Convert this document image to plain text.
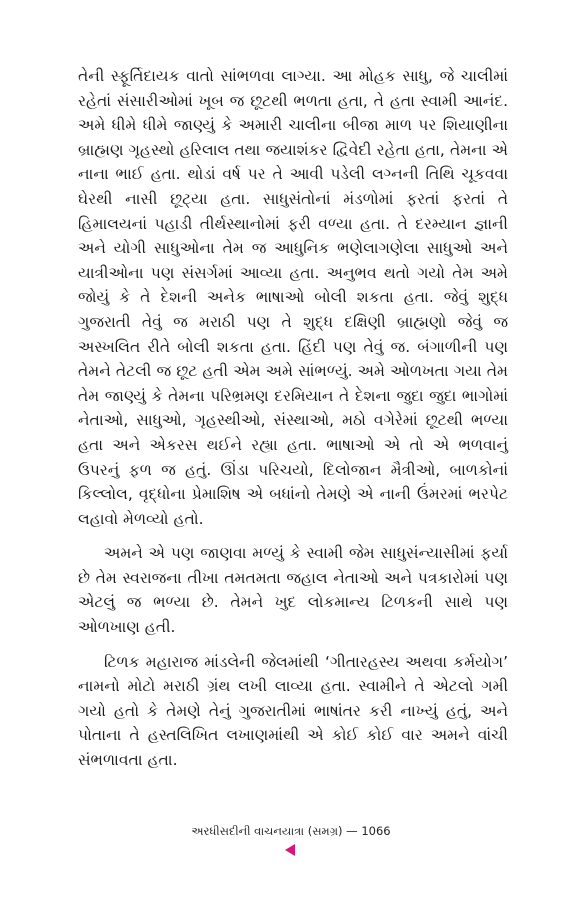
તેની સ્ફૂર્તિદાયક વાતો સાંભળવા લાગ્યા. આ મોહક સાધુ, જે ચાલીમાં રહેતાં સંસારીઓમાં ખૂબ જ છૂટથી ભળતા હતા, તે હતા સ્વામી આનંદ. અમે ધીમે ધીમે જાણ્યું કે અમારી ચાલીના બીજા માળ પર શિયાણીના બ્રાહ્મણ ગૃહસ્થો હરિલાલ તથા જયાશંકર દ્વિવેદી રહેતા હતા, તેમના એ નાના ભાઈ હતા. થોડાં વર્ષ પર તે આવી પડેલી લગ્નની તિથિ ચૂકવવા ઘેરથી નાસી છૂટ્યા હતા. સાધુસંતોનાં મંડળોમાં ફરતાં ફરતાં તે હિમાલયનાં પહાડી તીર્થસ્થાનોમાં ફરી વળ્યા હતા. તે દરમ્યાન જ્ઞાની અને યોગી સાધુઓના તેમ જ આધુનિક ભણેલાગણેલા સાધુઓ અને યાત્રીઓના પણ સંસર્ગમાં આવ્યા હતા. અનુભવ થતો ગયો તેમ અમે જોયું કે તે દેશની અનેક ભાષાઓ બોલી શકતા હતા. જેવું શુદ્ધ ગુજરાતી તેવું જ મરાઠી પણ તે શુદ્ધ દક્ષિણી બ્રાહ્મણો જેવું જ અસ્ખલિત રીતે બોલી શકતા હતા. હિંદી પણ તેવું જ. બંગાળીની પણ તેમને તેટલી જ છૂટ હતી એમ અમે સાંભળ્યું. અમે ઓળખતા ગયા તેમ તેમ જાણ્યું કે તેમના પરિભ્રમણ દરમિયાન તે દેશના જુદા જુદા ભાગોમાં નેતાઓ, સાધુઓ, ગૃહસ્થીઓ, સંસ્થાઓ, મઠો વગેરેમાં છૂટથી ભળ્યા હતા અને એકરસ થઈને રહ્યા હતા. ભાષાઓ એ તો એ ભળવાનું ઉપરનું ફળ જ હતું. ઊંડા પરિચયો, દિલોજાન મૈત્રીઓ, બાળકોનાં કિલ્લોલ, વૃદ્ધોના પ્રેમાશિષ એ બધાંનો તેમણે એ નાની ઉંમરમાં ભરપેટ લહાવો મેળવ્યો હતો.

અમને એ પણ જાણવા મળ્યું કે સ્વામી જેમ સાધુસંન્યાસીમાં ફર્યા છે તેમ સ્વરાજના તીખા તમતમતા જહાલ નેતાઓ અને પત્રકારોમાં પણ એટલું જ ભળ્યા છે. તેમને ખુદ લોકમાન્ય ટિળકની સાથે પણ ઓળખાણ હતી.

ટિળક મહારાજ માંડલેની જેલમાંથી ‘ગીતારહસ્ય અથવા કર્મયોગ’ નામનો મોટો મરાઠી ગ્રંથ લખી લાવ્યા હતા. સ્વામીને તે એટલો ગમી ગયો હતો કે તેમણે તેનું ગુજરાતીમાં ભાષાંતર કરી નાખ્યું હતું, અને પોતાના તે હસ્તલિખિત લખાણમાંથી એ કોઈ કોઈ વાર અમને વાંચી સંભળાવતા હતા.

અરધીસદીની વાચનયાત્રા (સમગ્ર) — 1066
